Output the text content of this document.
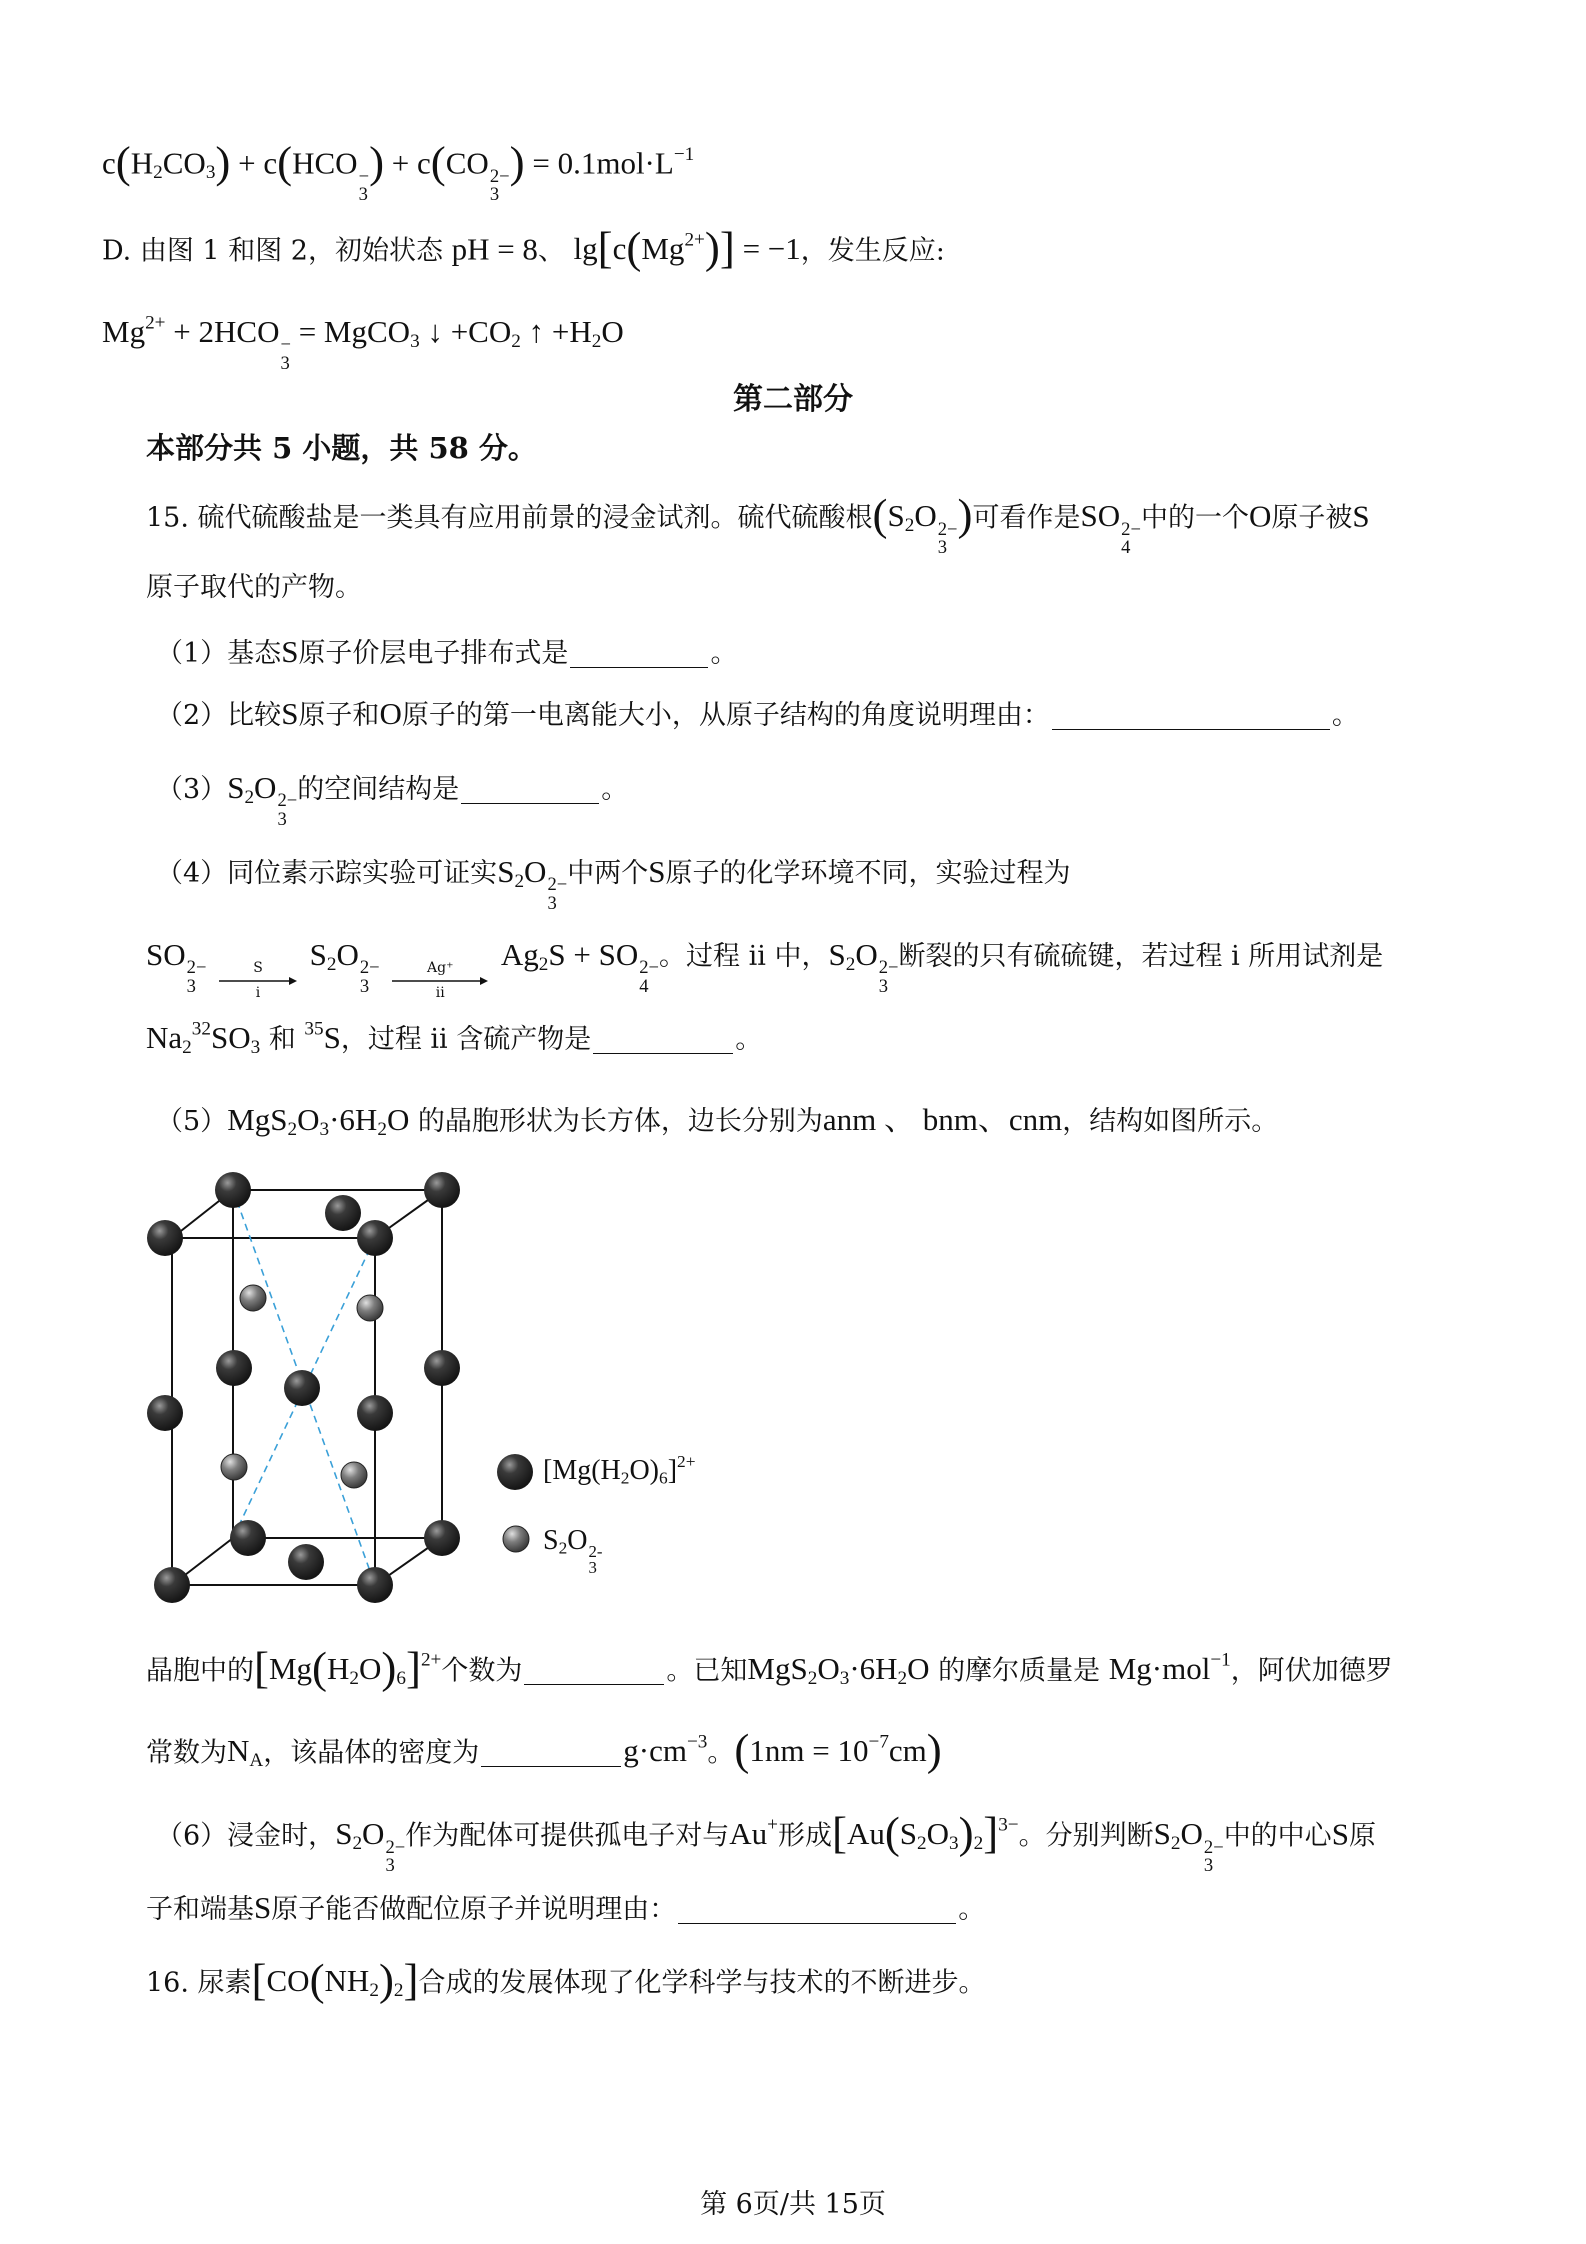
$c(H_2CO_3) + c(HCO$ −
3
) + c(CO 2−
3
) = $0.1mol\cdot L^{-1}$
D. 由图 1 和图 2，初始状态 pH = 8、 $\lg[c(Mg^{2+})] = -1$，发生反应:
$Mg^{2+} + 2HCO$ −
3
= MgCO$_3$ ↓ $+CO_2$ ↑ $+H_2O$
第二部分
本部分共 5 小题，共 58 分。
15. 硫代硫酸盐是一类具有应用前景的浸金试剂。硫代硫酸根($S_2O$ 2−
3
)可看作是SO 2−
4
中的一个O原子被S
原子取代的产物。
（1）基态S原子价层电子排布式是	。
（2）比较S原子和O原子的第一电离能大小，从原子结构的角度说明理由：	。
$(3)S_2O$ 2−
3
的空间结构是	。
（4）同位素示踪实验可证实$S_2O$ 2−
3
中两个S原子的化学环境不同，实验过程为
SO 2−
3

S
i
$S_2O$ 2−
3

Ag⁺
ii
$Ag_2S$ + SO 2−
4
。过程 ii 中，$S_2O$ 2−
3
断裂的只有硫硫键，若过程 i 所用试剂是
$Na_2^{32}SO_3$ 和 $^{35}$S，过程 ii 含硫产物是	。
$(5)MgS_2O_3\cdot 6H_2O$ 的晶胞形状为长方体，边长分别为anm 、 bnm、cnm，结构如图所示。
$[Mg(H_2O)_6]^{2+}$
$S_2O$ 2-
3
晶胞中的$[Mg(H_2O)_6]^{2+}$个数为	。已知$MgS_2O_3\cdot 6H_2O$ 的摩尔质量是 Mg·mol$^{-1}$，阿伏加德罗
常数为$N_A$，该晶体的密度为	$g\cdot cm^{-3}$。$(1nm = 10^{-7}cm)$
（6）浸金时，$S_2O$ 2−
3
作为配体可提供孤电子对与Au+形成$[Au(S_2O_3)_2]^{3-}$。分别判断$S_2O$ 2−
3
中的中心S原
子和端基S原子能否做配位原子并说明理由：	。
16. 尿素$[CO(NH_2)_2]$合成的发展体现了化学科学与技术的不断进步。
第 6页/共 15页
